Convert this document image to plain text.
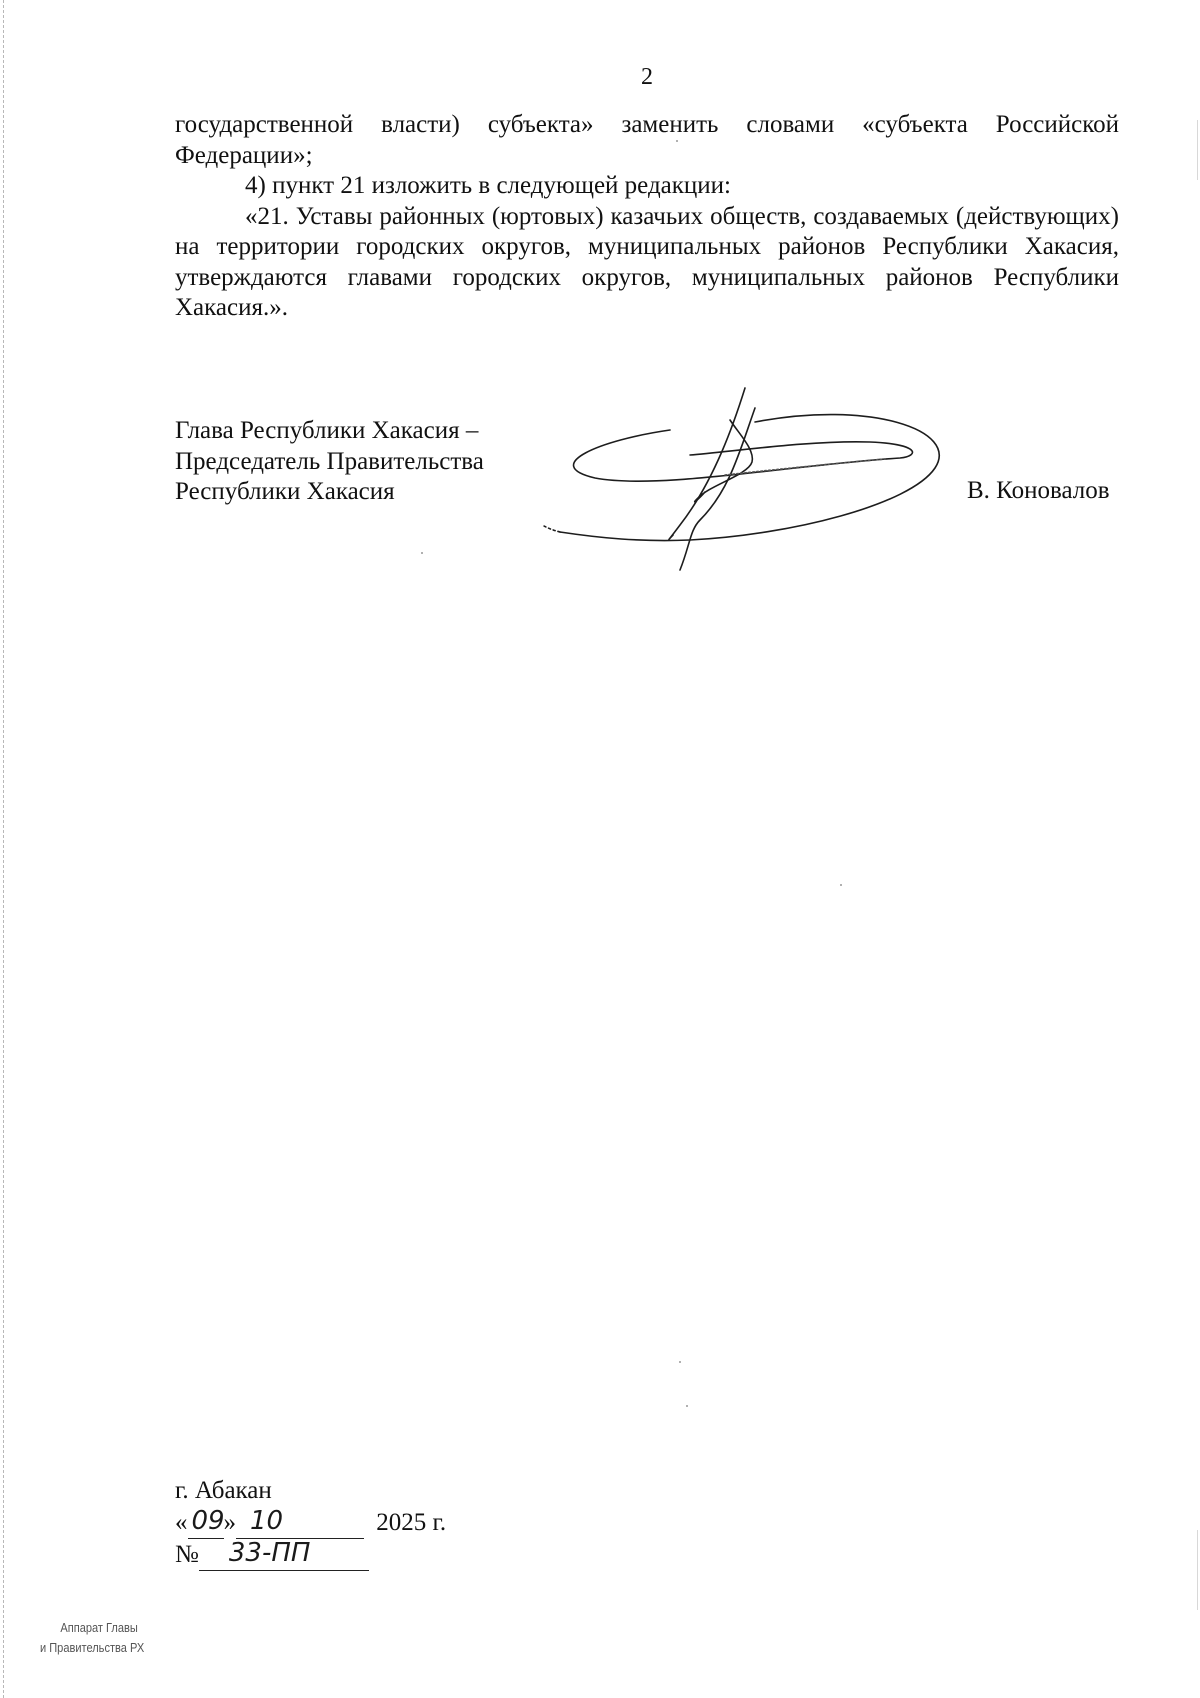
2

государственной власти) субъекта» заменить словами «субъекта Российской Федерации»;

4) пункт 21 изложить в следующей редакции:

«21. Уставы районных (юртовых) казачьих обществ, создаваемых (действующих) на территории городских округов, муниципальных районов Республики Хакасия, утверждаются главами городских округов, муниципальных районов Республики Хакасия.».

Глава Республики Хакасия –
Председатель Правительства
Республики Хакасия	В. Коновалов
г. Абакан
« 09
» 10	2025 г.
№ 33-ПП
Аппарат Главы
и Правительства РХ
